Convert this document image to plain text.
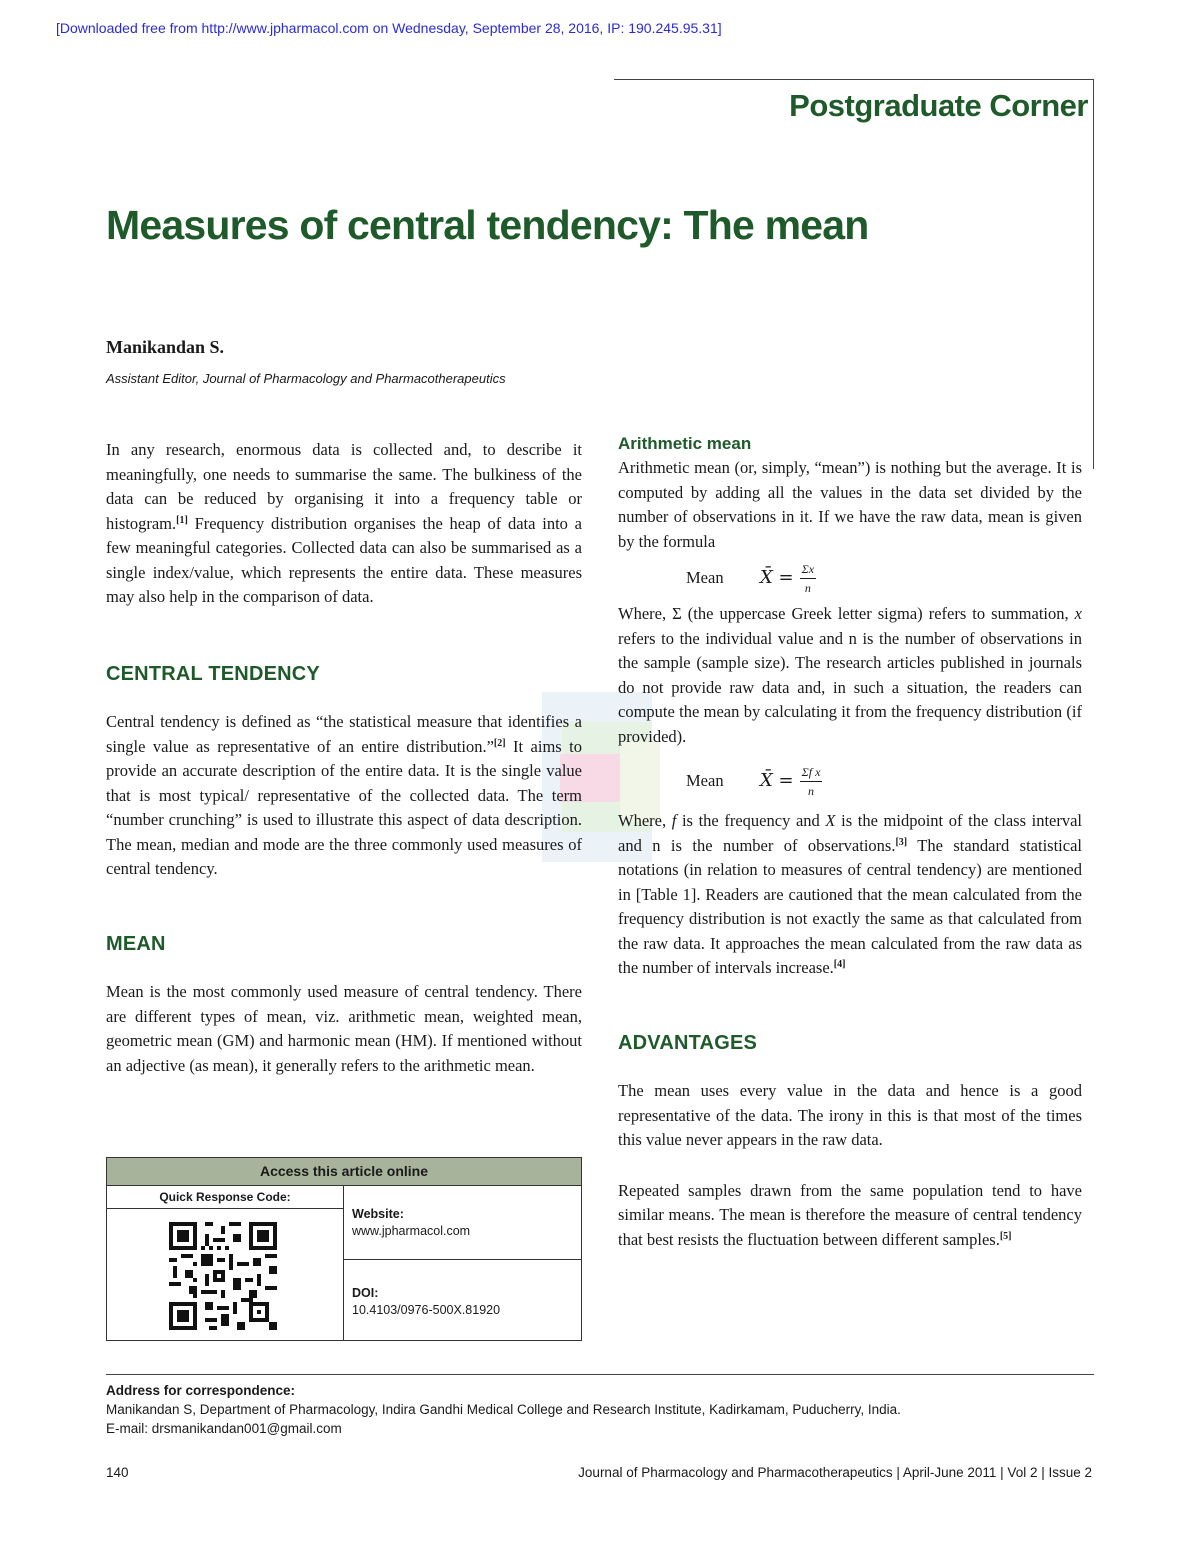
[Downloaded free from http://www.jpharmacol.com on Wednesday, September 28, 2016, IP: 190.245.95.31]
Postgraduate Corner
Measures of central tendency: The mean
Manikandan S.
Assistant Editor, Journal of Pharmacology and Pharmacotherapeutics

In any research, enormous data is collected and, to describe it meaningfully, one needs to summarise the same. The bulkiness of the data can be reduced by organising it into a frequency table or histogram.[1] Frequency distribution organises the heap of data into a few meaningful categories. Collected data can also be summarised as a single index/value, which represents the entire data. These measures may also help in the comparison of data.

CENTRAL TENDENCY

Central tendency is defined as “the statistical measure that identifies a single value as representative of an entire distribution.”[2] It aims to provide an accurate description of the entire data. It is the single value that is most typical/ representative of the collected data. The term “number crunching” is used to illustrate this aspect of data description. The mean, median and mode are the three commonly used measures of central tendency.

MEAN

Mean is the most commonly used measure of central tendency. There are different types of mean, viz. arithmetic mean, weighted mean, geometric mean (GM) and harmonic mean (HM). If mentioned without an adjective (as mean), it generally refers to the arithmetic mean.

Access this article online
Quick Response Code:
Website:
www.jpharmacol.com
DOI:
10.4103/0976-500X.81920
Arithmetic mean

Arithmetic mean (or, simply, “mean”) is nothing but the average. It is computed by adding all the values in the data set divided by the number of observations in it. If we have the raw data, mean is given by the formula

Mean	X̄ = $\frac{\Sigma x}{n}$

Where, Σ (the uppercase Greek letter sigma) refers to summation, x refers to the individual value and n is the number of observations in the sample (sample size). The research articles published in journals do not provide raw data and, in such a situation, the readers can compute the mean by calculating it from the frequency distribution (if provided).

Mean	X̄ = $\frac{\text{Σf x}}{n}$

Where, f is the frequency and X is the midpoint of the class interval and n is the number of observations.[3] The standard statistical notations (in relation to measures of central tendency) are mentioned in [Table 1]. Readers are cautioned that the mean calculated from the frequency distribution is not exactly the same as that calculated from the raw data. It approaches the mean calculated from the raw data as the number of intervals increase.[4]

ADVANTAGES

The mean uses every value in the data and hence is a good representative of the data. The irony in this is that most of the times this value never appears in the raw data.

Repeated samples drawn from the same population tend to have similar means. The mean is therefore the measure of central tendency that best resists the fluctuation between different samples.[5]

Address for correspondence:
Manikandan S, Department of Pharmacology, Indira Gandhi Medical College and Research Institute, Kadirkamam, Puducherry, India.
E-mail: drsmanikandan001@gmail.com
140	Journal of Pharmacology and Pharmacotherapeutics | April-June 2011 | Vol 2 | Issue 2
